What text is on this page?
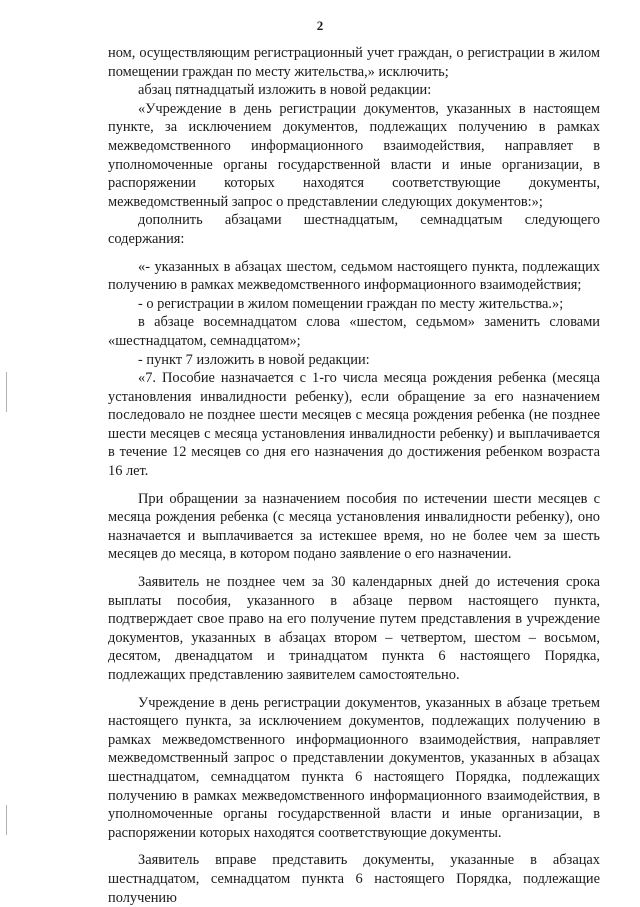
2

ном, осуществляющим регистрационный учет граждан, о регистрации в жилом помещении граждан по месту жительства,» исключить;

абзац пятнадцатый изложить в новой редакции:

«Учреждение в день регистрации документов, указанных в настоящем пункте, за исключением документов, подлежащих получению в рамках межведомственного информационного взаимодействия, направляет в уполномоченные органы государственной власти и иные организации, в распоряжении которых находятся соответствующие документы, межведомственный запрос о представлении следующих документов:»;

дополнить абзацами шестнадцатым, семнадцатым следующего содержания:

«- указанных в абзацах шестом, седьмом настоящего пункта, подлежащих получению в рамках межведомственного информационного взаимодействия;

- о регистрации в жилом помещении граждан по месту жительства.»;

в абзаце восемнадцатом слова «шестом, седьмом» заменить словами «шестнадцатом, семнадцатом»;

- пункт 7 изложить в новой редакции:

«7. Пособие назначается с 1-го числа месяца рождения ребенка (месяца установления инвалидности ребенку), если обращение за его назначением последовало не позднее шести месяцев с месяца рождения ребенка (не позднее шести месяцев с месяца установления инвалидности ребенку) и выплачивается в течение 12 месяцев со дня его назначения до достижения ребенком возраста 16 лет.

При обращении за назначением пособия по истечении шести месяцев с месяца рождения ребенка (с месяца установления инвалидности ребенку), оно назначается и выплачивается за истекшее время, но не более чем за шесть месяцев до месяца, в котором подано заявление о его назначении.

Заявитель не позднее чем за 30 календарных дней до истечения срока выплаты пособия, указанного в абзаце первом настоящего пункта, подтверждает свое право на его получение путем представления в учреждение документов, указанных в абзацах втором – четвертом, шестом – восьмом, десятом, двенадцатом и тринадцатом пункта 6 настоящего Порядка, подлежащих представлению заявителем самостоятельно.

Учреждение в день регистрации документов, указанных в абзаце третьем настоящего пункта, за исключением документов, подлежащих получению в рамках межведомственного информационного взаимодействия, направляет межведомственный запрос о представлении документов, указанных в абзацах шестнадцатом, семнадцатом пункта 6 настоящего Порядка, подлежащих получению в рамках межведомственного информационного взаимодействия, в уполномоченные органы государственной власти и иные организации, в распоряжении которых находятся соответствующие документы.

Заявитель вправе представить документы, указанные в абзацах шестнадцатом, семнадцатом пункта 6 настоящего Порядка, подлежащие получению
